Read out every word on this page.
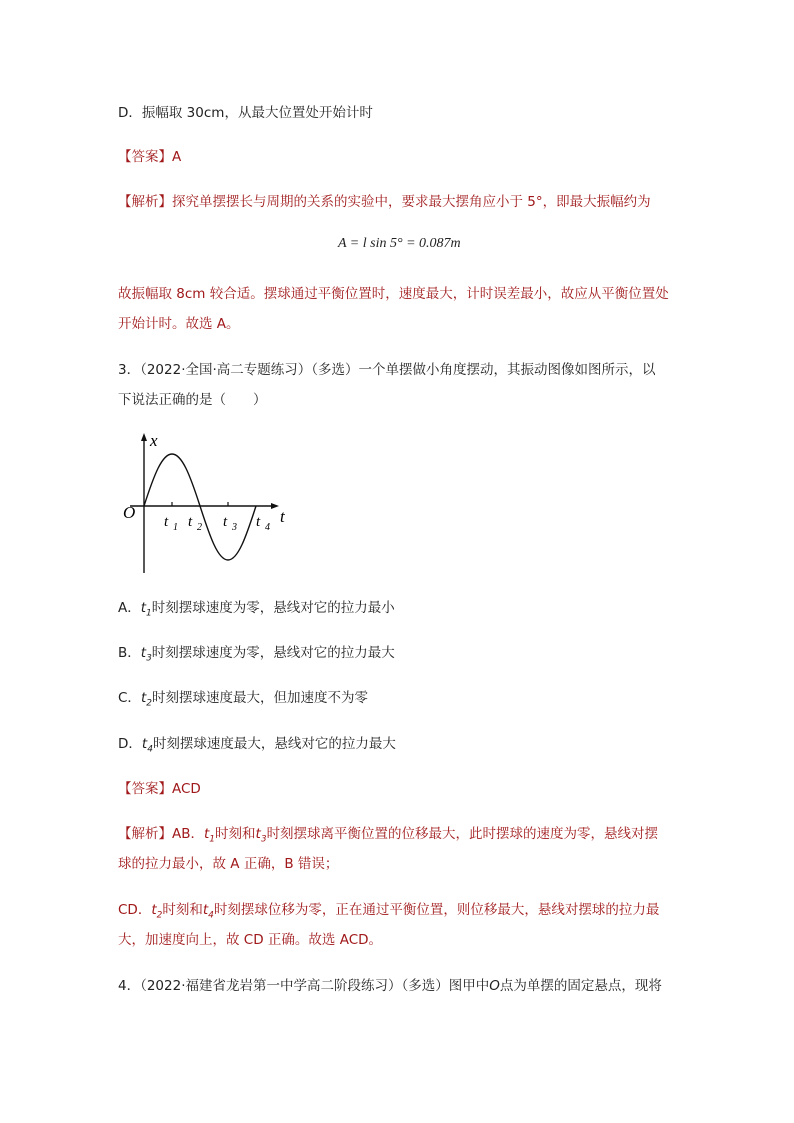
D．振幅取 30cm，从最大位置处开始计时
【答案】A
【解析】探究单摆摆长与周期的关系的实验中，要求最大摆角应小于 5°，即最大振幅约为
A = l sin 5° = 0.087m
故振幅取 8cm 较合适。摆球通过平衡位置时，速度最大，计时误差最小，故应从平衡位置处
开始计时。故选 A。
3．（2022·全国·高二专题练习）（多选）一个单摆做小角度摆动，其振动图像如图所示，以
下说法正确的是（　　）
x
t
O t 1 t 2 t 3 t 4
A．$t_1$时刻摆球速度为零，悬线对它的拉力最小
B．$t_3$时刻摆球速度为零，悬线对它的拉力最大
C．$t_2$时刻摆球速度最大，但加速度不为零
D．$t_4$时刻摆球速度最大，悬线对它的拉力最大
【答案】ACD
【解析】AB．$t_1$时刻和$t_3$时刻摆球离平衡位置的位移最大，此时摆球的速度为零，悬线对摆
球的拉力最小，故 A 正确，B 错误；
CD．$t_2$时刻和$t_4$时刻摆球位移为零，正在通过平衡位置，则位移最大，悬线对摆球的拉力最
大，加速度向上，故 CD 正确。故选 ACD。
4．（2022·福建省龙岩第一中学高二阶段练习）（多选）图甲中O点为单摆的固定悬点，现将
